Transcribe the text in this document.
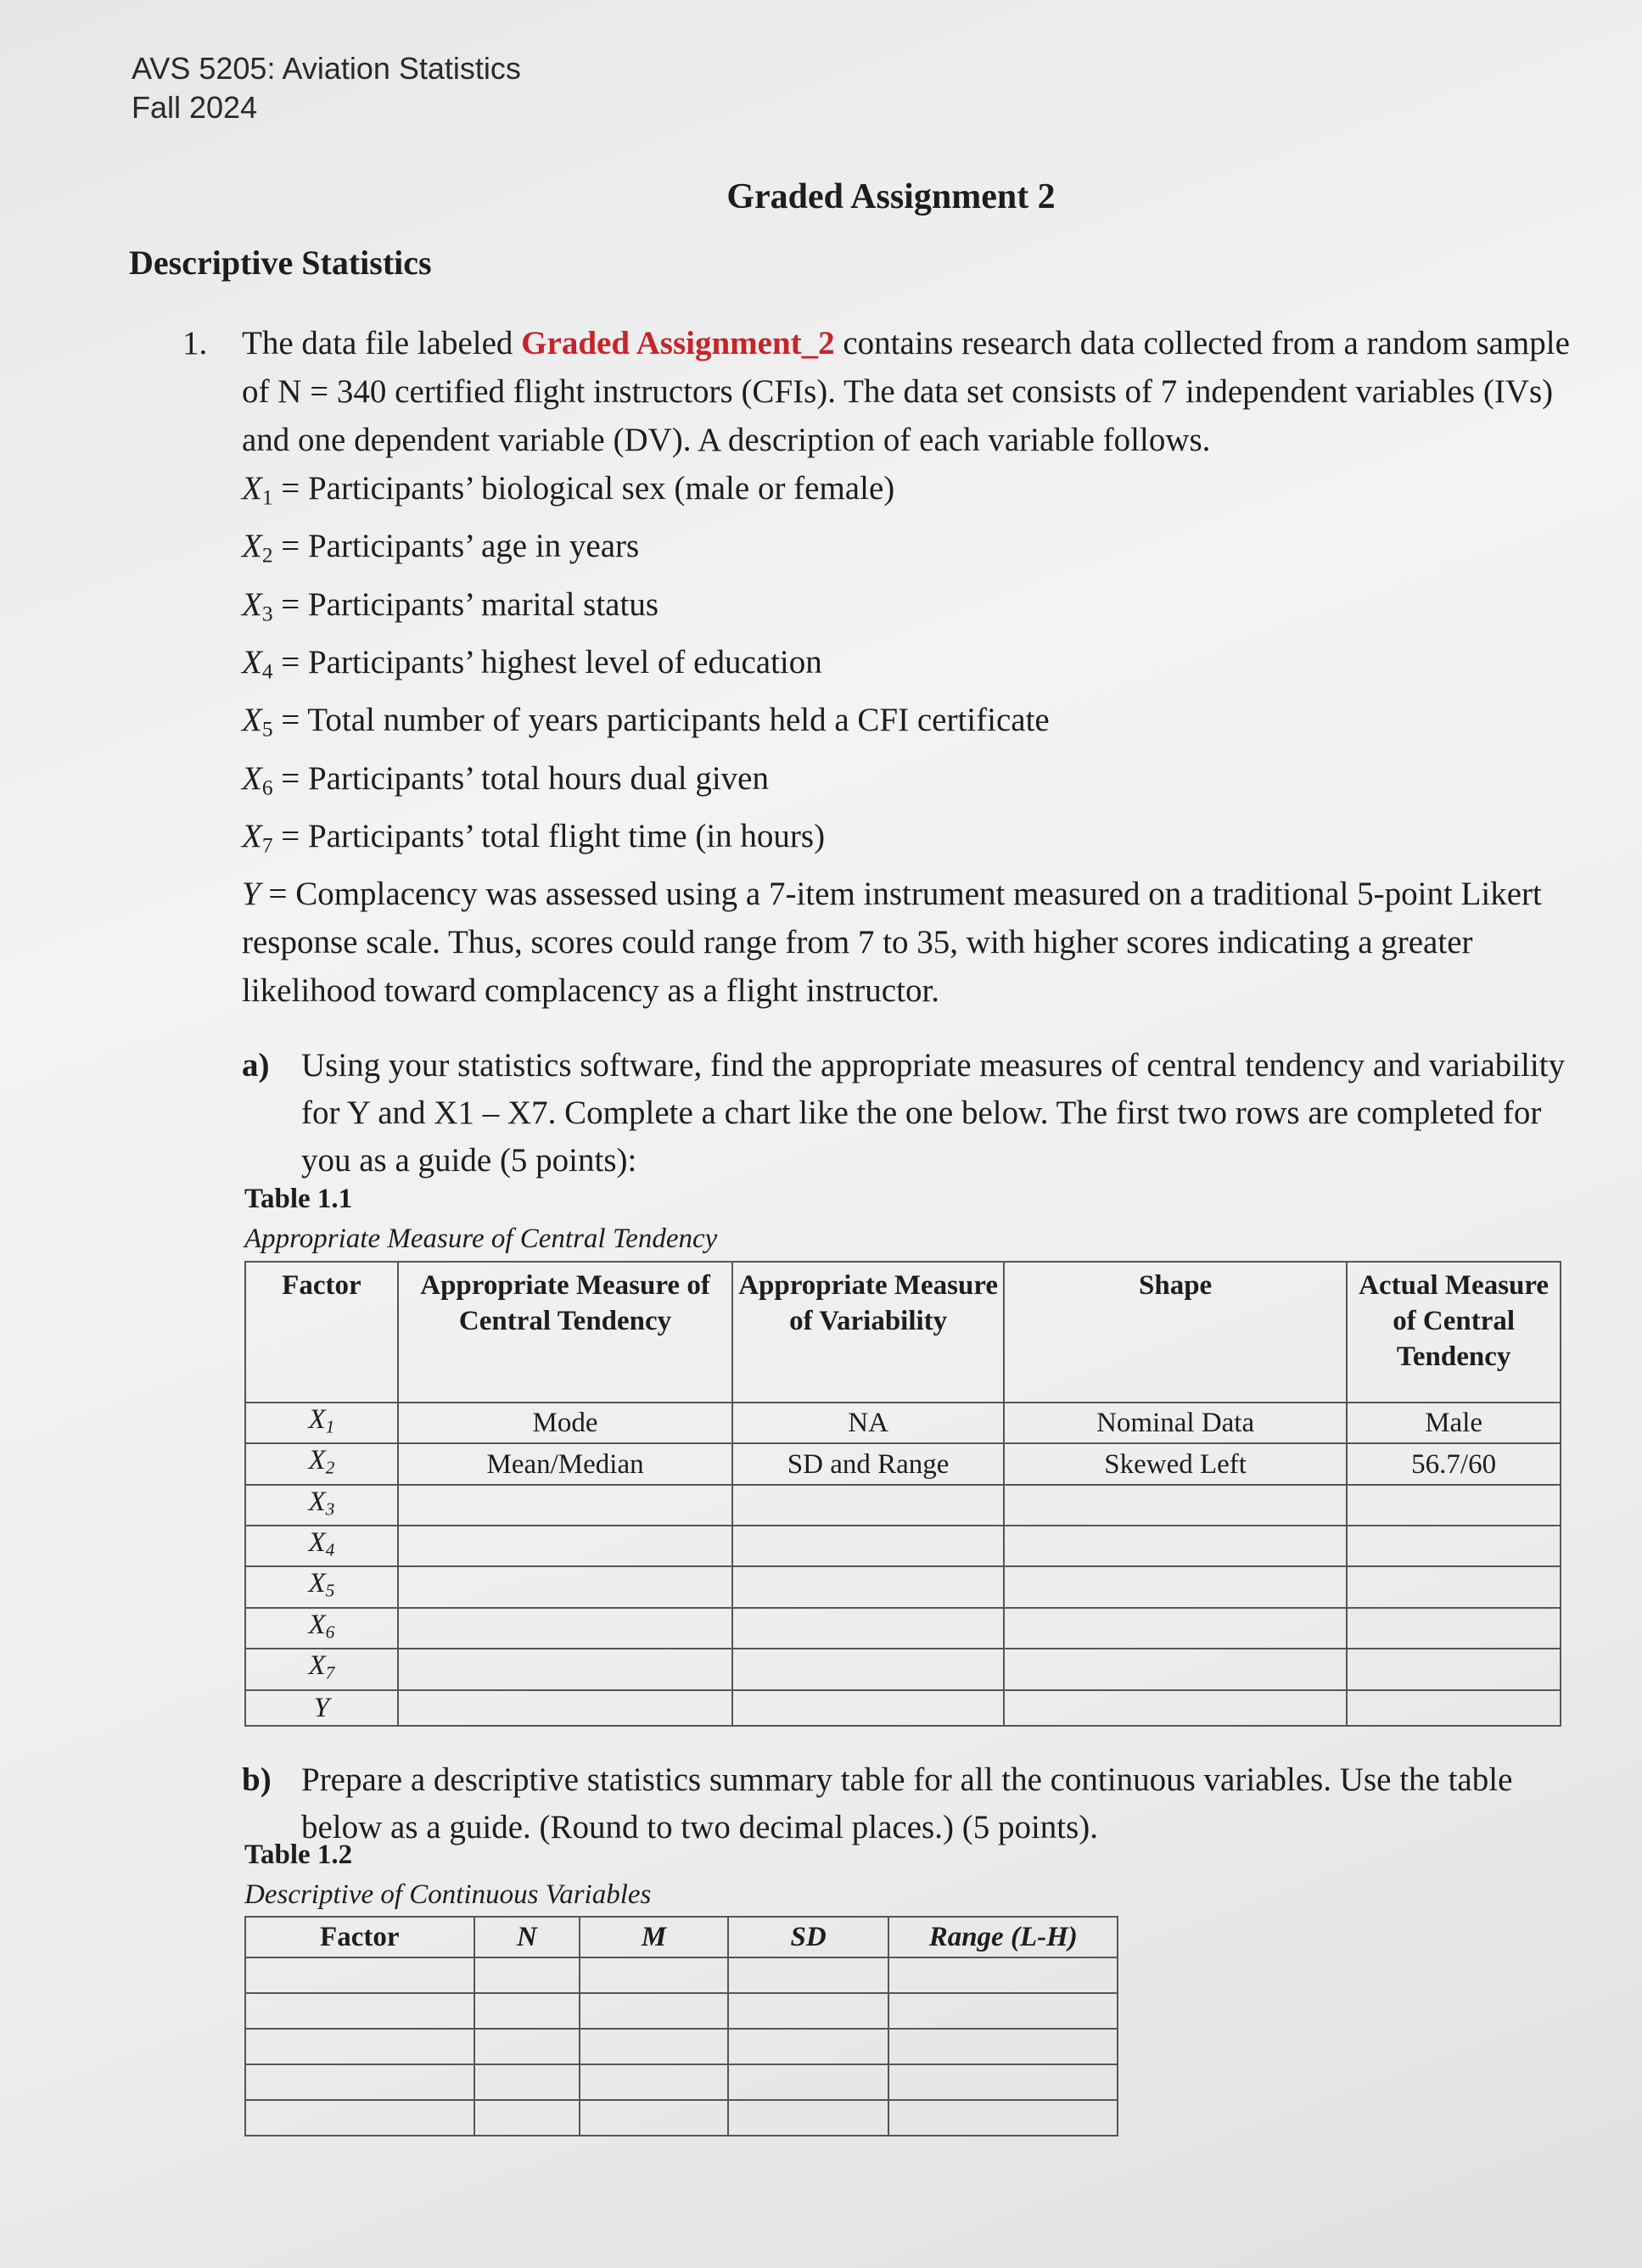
AVS 5205: Aviation Statistics
Fall 2024
Graded Assignment 2
Descriptive Statistics
1. The data file labeled Graded Assignment_2 contains research data collected from a random sample of N = 340 certified flight instructors (CFIs). The data set consists of 7 independent variables (IVs) and one dependent variable (DV). A description of each variable follows.
$X_1$ = Participants’ biological sex (male or female)
$X_2$ = Participants’ age in years
$X_3$ = Participants’ marital status
$X_4$ = Participants’ highest level of education
$X_5$ = Total number of years participants held a CFI certificate
$X_6$ = Participants’ total hours dual given
$X_7$ = Participants’ total flight time (in hours)
Y = Complacency was assessed using a 7-item instrument measured on a traditional 5-point Likert response scale. Thus, scores could range from 7 to 35, with higher scores indicating a greater likelihood toward complacency as a flight instructor.
a) Using your statistics software, find the appropriate measures of central tendency and variability for Y and X1 – X7. Complete a chart like the one below. The first two rows are completed for you as a guide (5 points):
Table 1.1
Appropriate Measure of Central Tendency
Factor	Appropriate Measure of Central Tendency	Appropriate Measure of Variability	Shape	Actual Measure of Central Tendency
$X_1$	Mode	NA	Nominal Data	Male
$X_2$	Mean/Median	SD and Range	Skewed Left	56.7/60
$X_3$				
$X_4$				
$X_5$				
$X_6$				
$X_7$				
Y				
b) Prepare a descriptive statistics summary table for all the continuous variables. Use the table below as a guide. (Round to two decimal places.) (5 points).
Table 1.2
Descriptive of Continuous Variables
Factor	N	M	SD	Range (L-H)
